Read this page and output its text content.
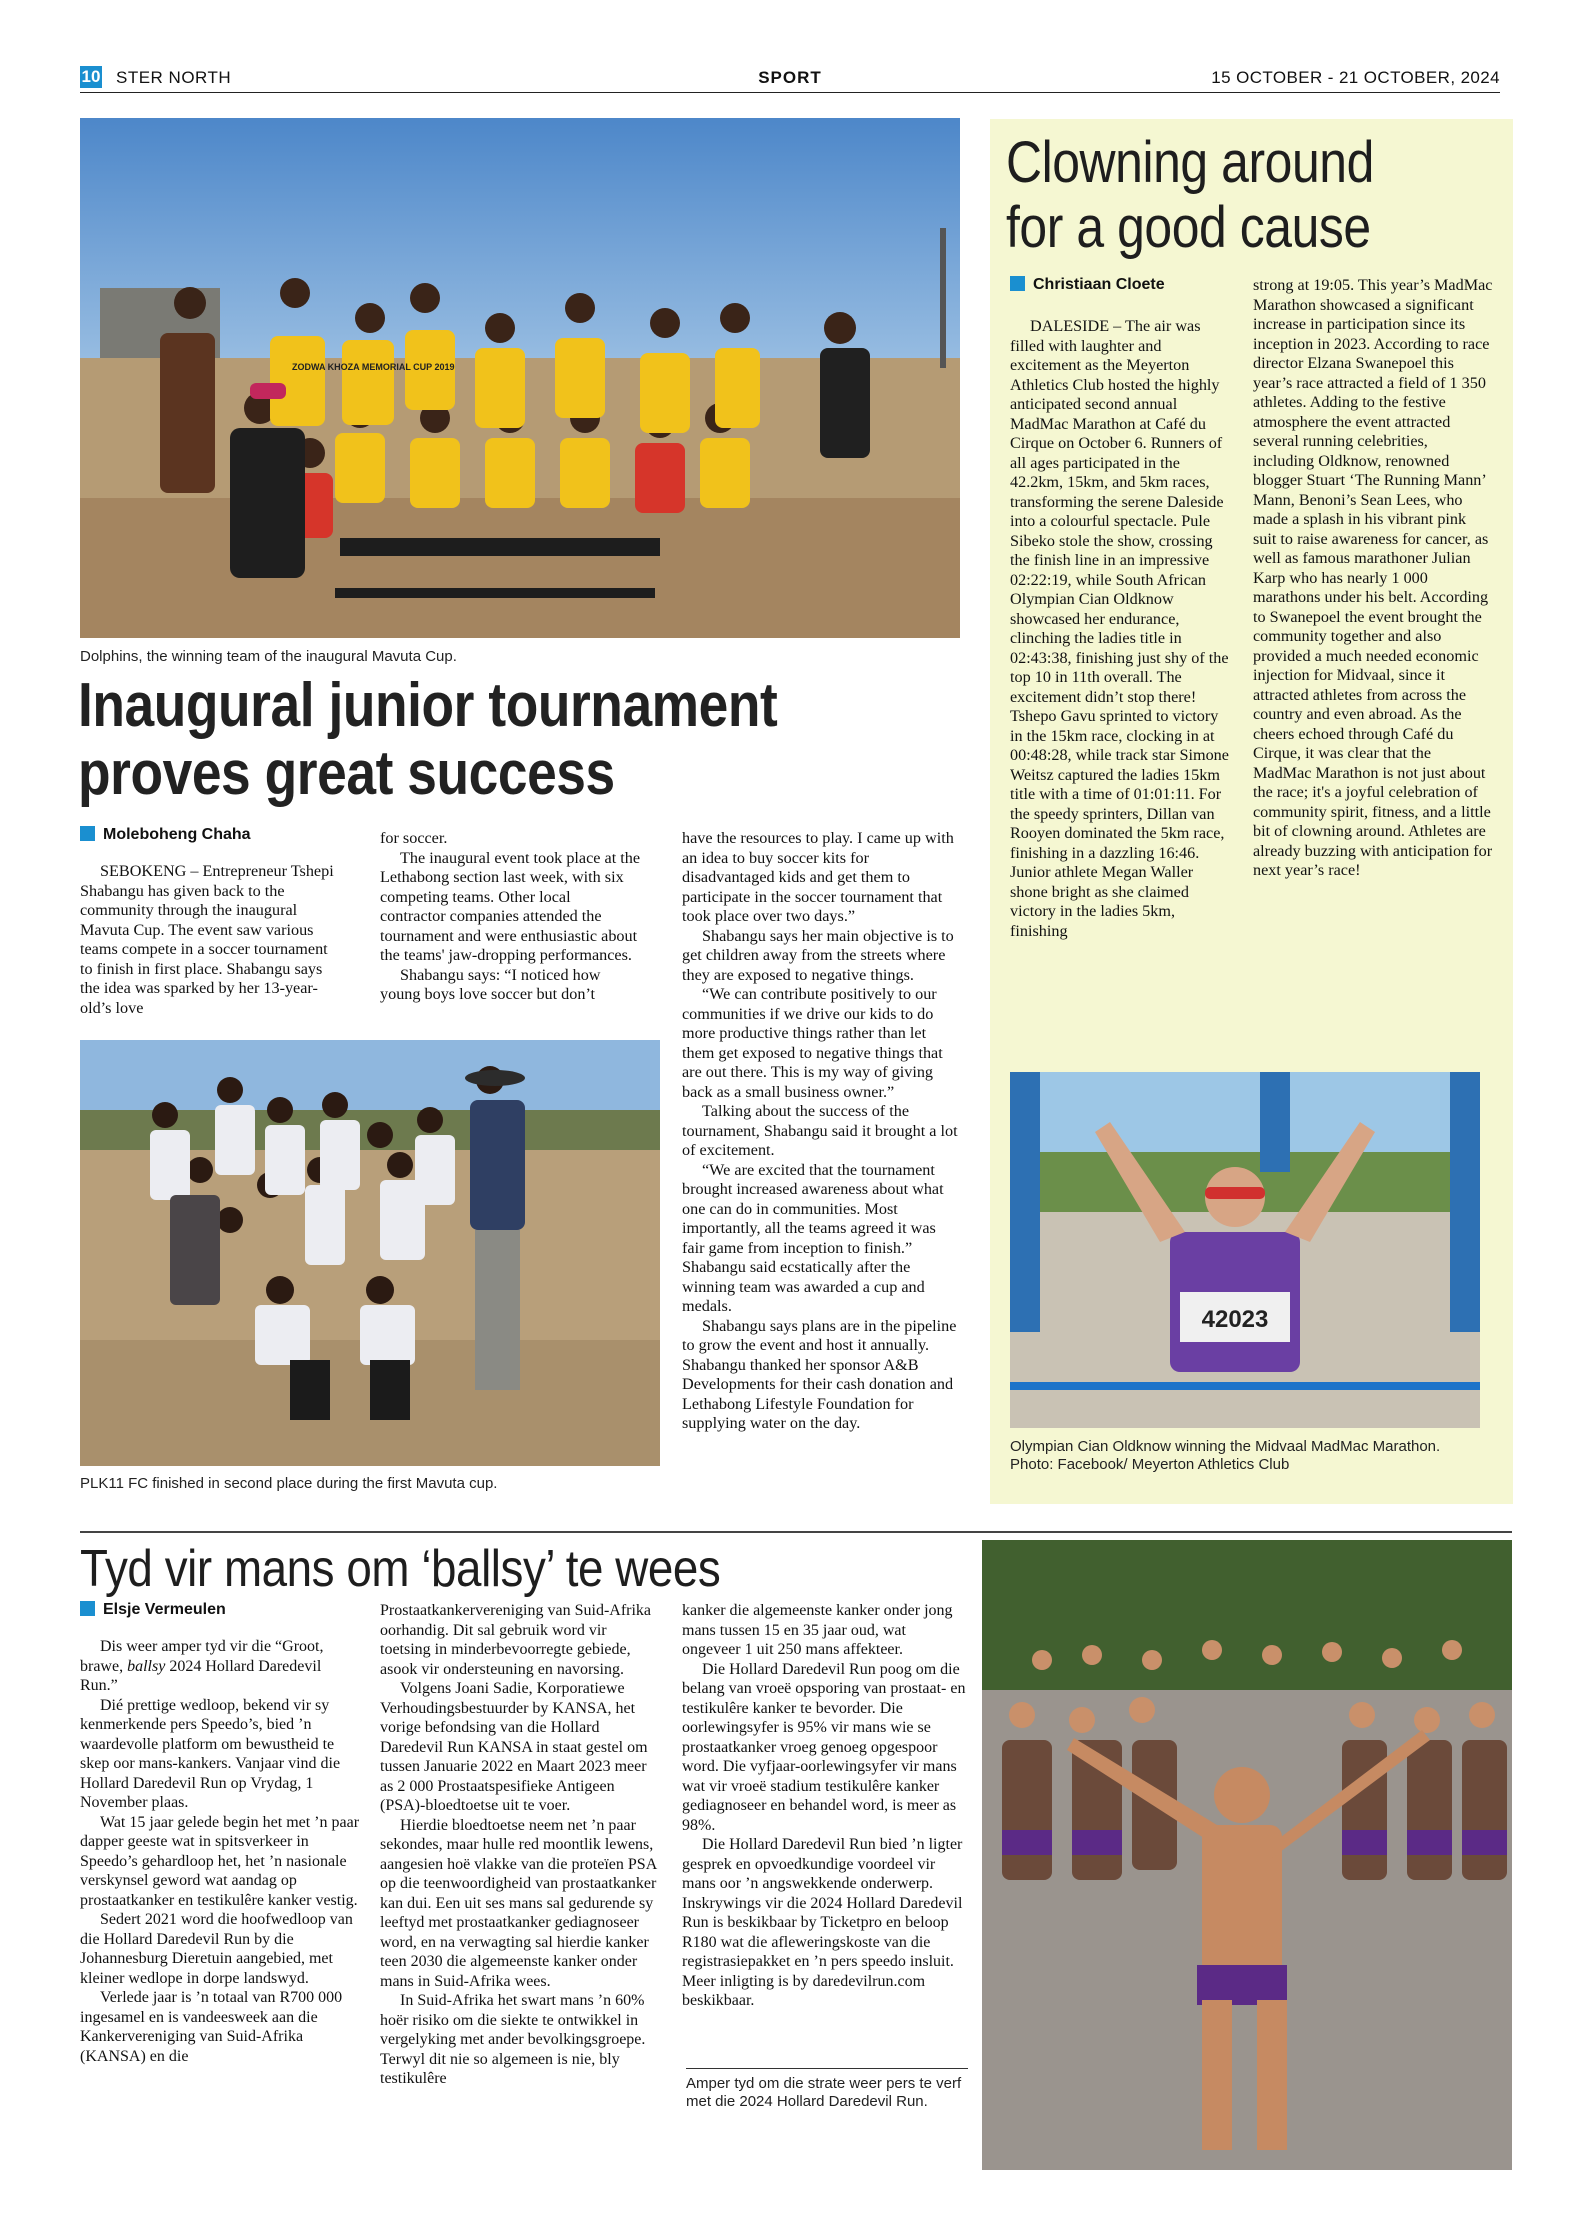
10 STER NORTH	SPORT	15 OCTOBER - 21 OCTOBER, 2024
ZODWA KHOZA MEMORIAL CUP 2019
Dolphins, the winning team of the inaugural Mavuta Cup.
Inaugural junior tournament
proves great success
Moleboheng Chaha

SEBOKENG – Entrepreneur Tshepi Shabangu has given back to the community through the inaugural Mavuta Cup. The event saw various teams compete in a soccer tournament to finish in first place. Shabangu says the idea was sparked by her 13-year-old’s love

for soccer.

The inaugural event took place at the Lethabong section last week, with six competing teams. Other local contractor companies attended the tournament and were enthusiastic about the teams' jaw-dropping performances.

Shabangu says: “I noticed how young boys love soccer but don’t

have the resources to play. I came up with an idea to buy soccer kits for disadvantaged kids and get them to participate in the soccer tournament that took place over two days.”

Shabangu says her main objective is to get children away from the streets where they are exposed to negative things.

“We can contribute positively to our communities if we drive our kids to do more productive things rather than let them get exposed to negative things that are out there. This is my way of giving back as a small business owner.”

Talking about the success of the tournament, Shabangu said it brought a lot of excitement.

“We are excited that the tournament brought increased awareness about what one can do in communities. Most importantly, all the teams agreed it was fair game from inception to finish.” Shabangu said ecstatically after the winning team was awarded a cup and medals.

Shabangu says plans are in the pipeline to grow the event and host it annually. Shabangu thanked her sponsor A&B Developments for their cash donation and Lethabong Lifestyle Foundation for supplying water on the day.

PLK11 FC finished in second place during the first Mavuta cup.
Clowning around
for a good cause
Christiaan Cloete

DALESIDE – The air was filled with laughter and excitement as the Meyerton Athletics Club hosted the highly anticipated second annual MadMac Marathon at Café du Cirque on October 6. Runners of all ages participated in the 42.2km, 15km, and 5km races, transforming the serene Daleside into a colourful spectacle. Pule Sibeko stole the show, crossing the finish line in an impressive 02:22:19, while South African Olympian Cian Oldknow showcased her endurance, clinching the ladies title in 02:43:38, finishing just shy of the top 10 in 11th overall. The excitement didn’t stop there! Tshepo Gavu sprinted to victory in the 15km race, clocking in at 00:48:28, while track star Simone Weitsz captured the ladies 15km title with a time of 01:01:11. For the speedy sprinters, Dillan van Rooyen dominated the 5km race, finishing in a dazzling 16:46. Junior athlete Megan Waller shone bright as she claimed victory in the ladies 5km, finishing

strong at 19:05. This year’s MadMac Marathon showcased a significant increase in participation since its inception in 2023. According to race director Elzana Swanepoel this year’s race attracted a field of 1 350 athletes. Adding to the festive atmosphere the event attracted several running celebrities, including Oldknow, renowned blogger Stuart ‘The Running Mann’ Mann, Benoni’s Sean Lees, who made a splash in his vibrant pink suit to raise awareness for cancer, as well as famous marathoner Julian Karp who has nearly 1 000 marathons under his belt. According to Swanepoel the event brought the community together and also provided a much needed economic injection for Midvaal, since it attracted athletes from across the country and even abroad. As the cheers echoed through Café du Cirque, it was clear that the MadMac Marathon is not just about the race; it's a joyful celebration of community spirit, fitness, and a little bit of clowning around. Athletes are already buzzing with anticipation for next year’s race!

42023
Olympian Cian Oldknow winning the Midvaal MadMac Marathon. Photo: Facebook/ Meyerton Athletics Club
Tyd vir mans om ‘ballsy’ te wees
Elsje Vermeulen

Dis weer amper tyd vir die “Groot, brawe, ballsy 2024 Hollard Daredevil Run.”

Dié prettige wedloop, bekend vir sy kenmerkende pers Speedo’s, bied ’n waardevolle platform om bewustheid te skep oor mans-kankers. Vanjaar vind die Hollard Daredevil Run op Vrydag, 1 November plaas.

Wat 15 jaar gelede begin het met ’n paar dapper geeste wat in spitsverkeer in Speedo’s gehardloop het, het ’n nasionale verskynsel geword wat aandag op prostaatkanker en testikulêre kanker vestig.

Sedert 2021 word die hoofwedloop van die Hollard Daredevil Run by die Johannesburg Dieretuin aangebied, met kleiner wedlope in dorpe landswyd.

Verlede jaar is ’n totaal van R700 000 ingesamel en is vandeesweek aan die Kankervereniging van Suid-Afrika (KANSA) en die

Prostaatkankervereniging van Suid-Afrika oorhandig. Dit sal gebruik word vir toetsing in minderbevoorregte gebiede, asook vir ondersteuning en navorsing.

Volgens Joani Sadie, Korporatiewe Verhoudingsbestuurder by KANSA, het vorige befondsing van die Hollard Daredevil Run KANSA in staat gestel om tussen Januarie 2022 en Maart 2023 meer as 2 000 Prostaatspesifieke Antigeen (PSA)-bloedtoetse uit te voer.

Hierdie bloedtoetse neem net ’n paar sekondes, maar hulle red moontlik lewens, aangesien hoë vlakke van die proteïen PSA op die teenwoordigheid van prostaatkanker kan dui. Een uit ses mans sal gedurende sy leeftyd met prostaatkanker gediagnoseer word, en na verwagting sal hierdie kanker teen 2030 die algemeenste kanker onder mans in Suid-Afrika wees.

In Suid-Afrika het swart mans ’n 60% hoër risiko om die siekte te ontwikkel in vergelyking met ander bevolkingsgroepe. Terwyl dit nie so algemeen is nie, bly testikulêre

kanker die algemeenste kanker onder jong mans tussen 15 en 35 jaar oud, wat ongeveer 1 uit 250 mans affekteer.

Die Hollard Daredevil Run poog om die belang van vroeë opsporing van prostaat- en testikulêre kanker te bevorder. Die oorlewingsyfer is 95% vir mans wie se prostaatkanker vroeg genoeg opgespoor word. Die vyfjaar-oorlewingsyfer vir mans wat vir vroeë stadium testikulêre kanker gediagnoseer en behandel word, is meer as 98%.

Die Hollard Daredevil Run bied ’n ligter gesprek en opvoedkundige voordeel vir mans oor ’n angswekkende onderwerp. Inskrywings vir die 2024 Hollard Daredevil Run is beskikbaar by Ticketpro en beloop R180 wat die afleweringskoste van die registrasiepakket en ’n pers speedo insluit. Meer inligting is by daredevilrun.com beskikbaar.

Amper tyd om die strate weer pers te verf met die 2024 Hollard Daredevil Run.
